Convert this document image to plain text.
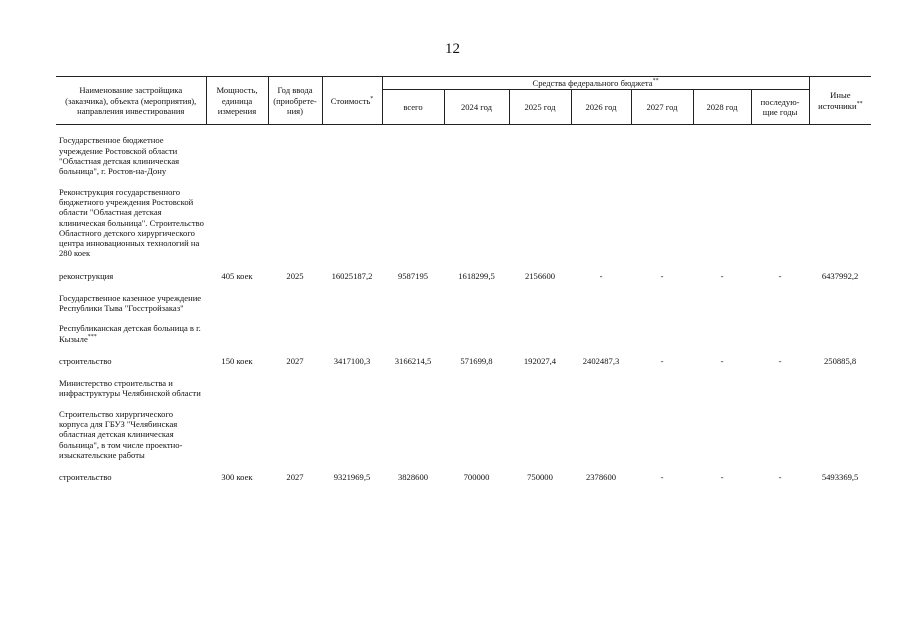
12
Наименование застройщика (заказчика), объекта (мероприятия), направления инвестирования	Мощность, единица измерения	Год ввода (приобрете-ния)	Стоимость*	Средства федерального бюджета**							Иные источники**
				всего	2024 год	2025 год	2026 год	2027 год	2028 год	последую-щие годы	

Государственное бюджетное учреждение Ростовской области "Областная детская клиническая больница", г. Ростов-на-Дону											

Реконструкция государственного бюджетного учреждения Ростовской области "Областная детская клиническая больница". Строительство Областного детского хирургического центра инновационных технологий на 280 коек											

реконструкция	405 коек	2025	16025187,2	9587195	1618299,5	2156600	-	-	-	-	6437992,2

Государственное казенное учреждение Республики Тыва "Госстройзаказ"											

Республиканская детская больница в г. Кызыле***	

строительство	150 коек	2027	3417100,3	3166214,5	571699,8	192027,4	2402487,3	-	-	-	250885,8

Министерство строительства и инфраструктуры Челябинской области											

Строительство хирургического корпуса для ГБУЗ "Челябинская областная детская клиническая больница", в том числе проектно-изыскательские работы											

строительство	300 коек	2027	9321969,5	3828600	700000	750000	2378600	-	-	-	5493369,5
